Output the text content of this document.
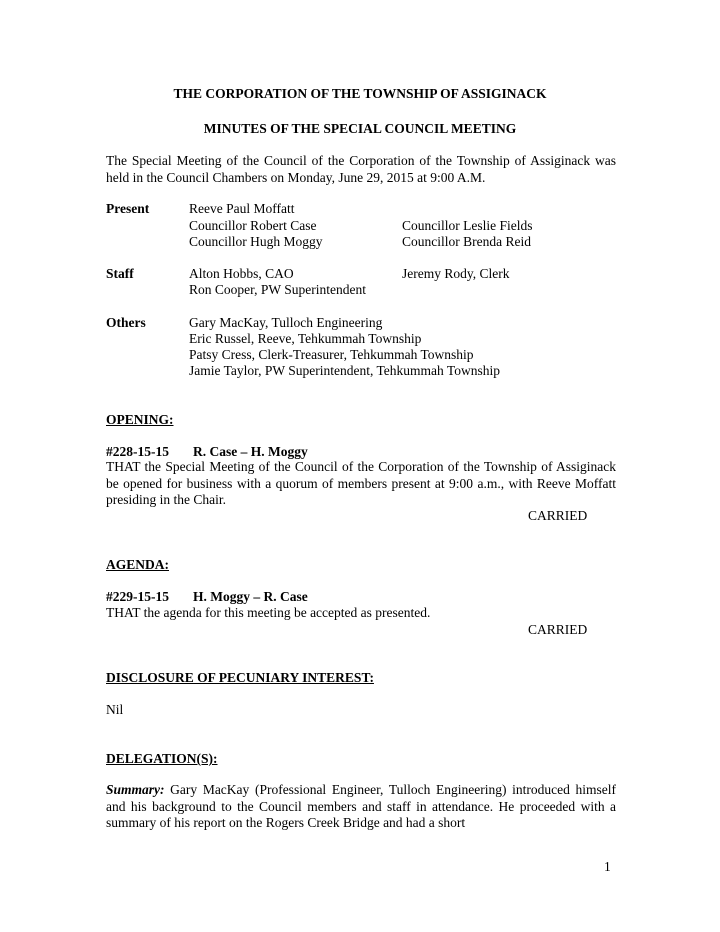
THE CORPORATION OF THE TOWNSHIP OF ASSIGINACK
MINUTES OF THE SPECIAL COUNCIL MEETING
The Special Meeting of the Council of the Corporation of the Township of Assiginack was held in the Council Chambers on Monday, June 29, 2015 at 9:00 A.M.
Present	Reeve Paul Moffatt
Councillor Robert Case	Councillor Leslie Fields
Councillor Hugh Moggy	Councillor Brenda Reid
Staff	Alton Hobbs, CAO	Jeremy Rody, Clerk
Ron Cooper, PW Superintendent
Others	Gary MacKay, Tulloch Engineering
Eric Russel, Reeve, Tehkummah Township
Patsy Cress, Clerk-Treasurer, Tehkummah Township
Jamie Taylor, PW Superintendent, Tehkummah Township
OPENING:
#228-15-15 R. Case – H. Moggy
THAT the Special Meeting of the Council of the Corporation of the Township of Assiginack be opened for business with a quorum of members present at 9:00 a.m., with Reeve Moffatt presiding in the Chair.
CARRIED
AGENDA:
#229-15-15 H. Moggy – R. Case
THAT the agenda for this meeting be accepted as presented.
CARRIED
DISCLOSURE OF PECUNIARY INTEREST:
Nil
DELEGATION(S):
Summary: Gary MacKay (Professional Engineer, Tulloch Engineering) introduced himself and his background to the Council members and staff in attendance. He proceeded with a summary of his report on the Rogers Creek Bridge and had a short
1
